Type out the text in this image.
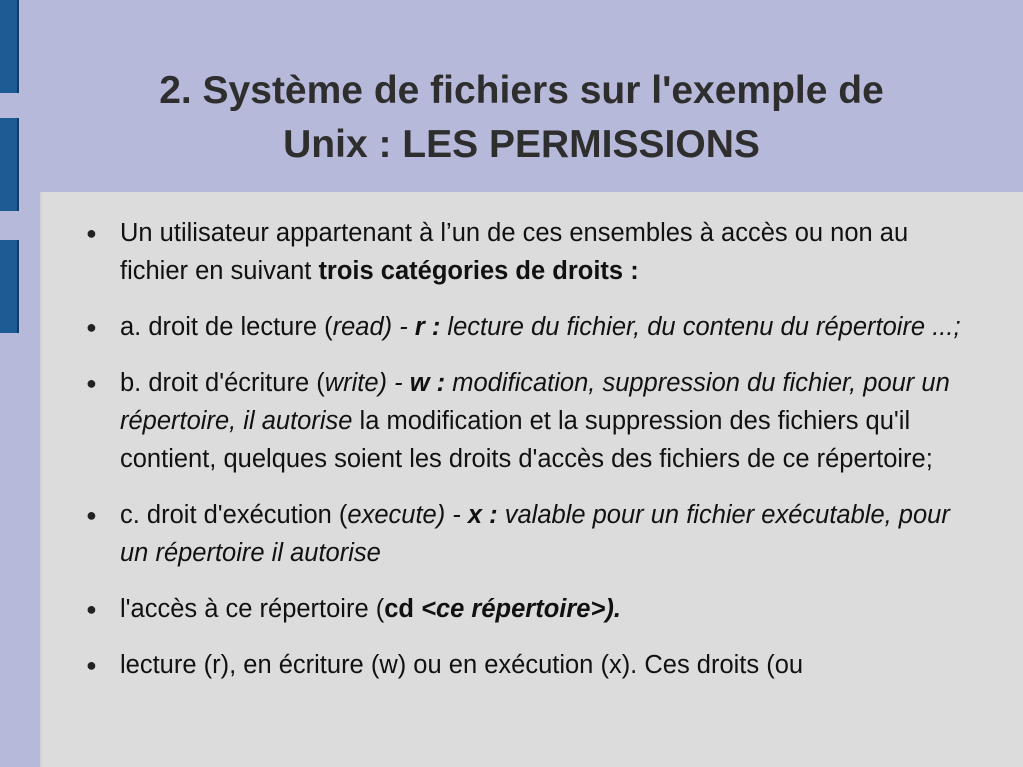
2. Système de fichiers sur l'exemple de
Unix : LES PERMISSIONS
● Un utilisateur appartenant à l’un de ces ensembles à accès ou non au fichier en suivant trois catégories de droits :
● a. droit de lecture (read) - r : lecture du fichier, du contenu du répertoire ...;
● b. droit d'écriture (write) - w : modification, suppression du fichier, pour un répertoire, il autorise la modification et la suppression des fichiers qu'il contient, quelques soient les droits d'accès des fichiers de ce répertoire;
● c. droit d'exécution (execute) - x : valable pour un fichier exécutable, pour un répertoire il autorise
● l'accès à ce répertoire (cd <ce répertoire>).
● lecture (r), en écriture (w) ou en exécution (x). Ces droits (ou
